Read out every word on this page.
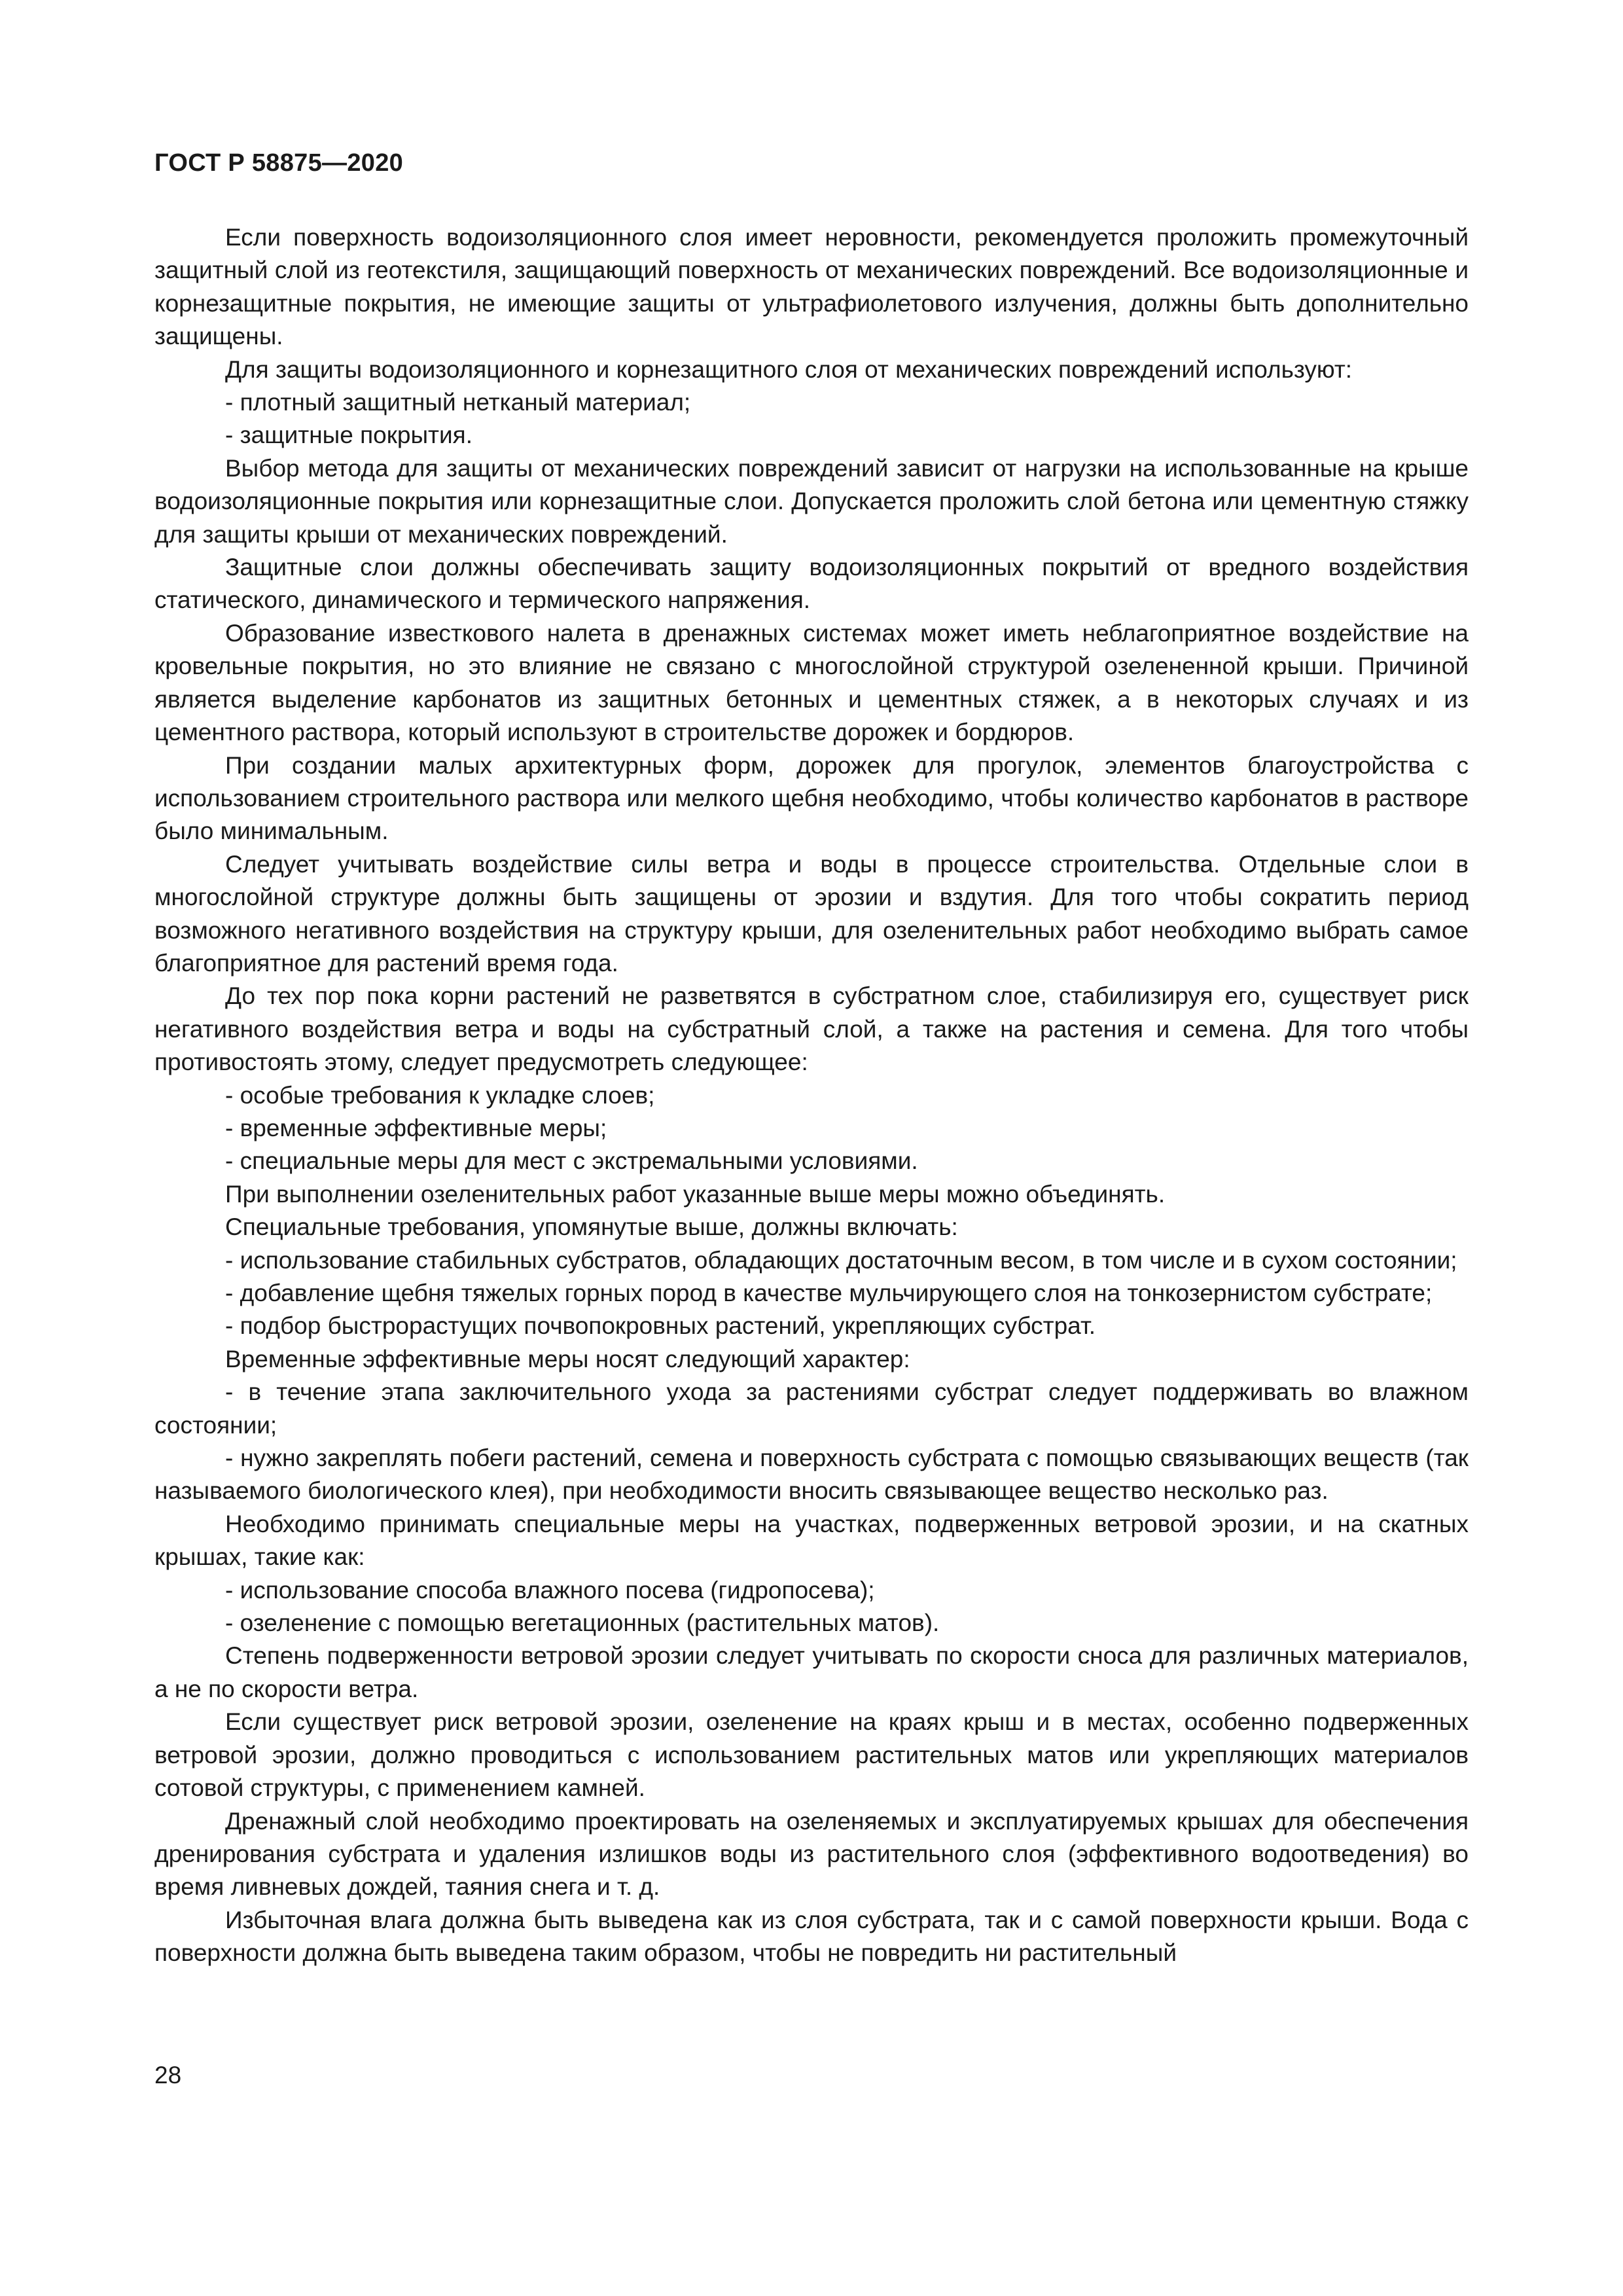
ГОСТ Р 58875—2020

Если поверхность водоизоляционного слоя имеет неровности, рекомендуется проложить промежуточный защитный слой из геотекстиля, защищающий поверхность от механических повреждений. Все водоизоляционные и корнезащитные покрытия, не имеющие защиты от ультрафиолетового излучения, должны быть дополнительно защищены.

Для защиты водоизоляционного и корнезащитного слоя от механических повреждений используют:

- плотный защитный нетканый материал;

- защитные покрытия.

Выбор метода для защиты от механических повреждений зависит от нагрузки на использованные на крыше водоизоляционные покрытия или корнезащитные слои. Допускается проложить слой бетона или цементную стяжку для защиты крыши от механических повреждений.

Защитные слои должны обеспечивать защиту водоизоляционных покрытий от вредного воздействия статического, динамического и термического напряжения.

Образование известкового налета в дренажных системах может иметь неблагоприятное воздействие на кровельные покрытия, но это влияние не связано с многослойной структурой озелененной крыши. Причиной является выделение карбонатов из защитных бетонных и цементных стяжек, а в некоторых случаях и из цементного раствора, который используют в строительстве дорожек и бордюров.

При создании малых архитектурных форм, дорожек для прогулок, элементов благоустройства с использованием строительного раствора или мелкого щебня необходимо, чтобы количество карбонатов в растворе было минимальным.

Следует учитывать воздействие силы ветра и воды в процессе строительства. Отдельные слои в многослойной структуре должны быть защищены от эрозии и вздутия. Для того чтобы сократить период возможного негативного воздействия на структуру крыши, для озеленительных работ необходимо выбрать самое благоприятное для растений время года.

До тех пор пока корни растений не разветвятся в субстратном слое, стабилизируя его, существует риск негативного воздействия ветра и воды на субстратный слой, а также на растения и семена. Для того чтобы противостоять этому, следует предусмотреть следующее:

- особые требования к укладке слоев;

- временные эффективные меры;

- специальные меры для мест с экстремальными условиями.

При выполнении озеленительных работ указанные выше меры можно объединять.

Специальные требования, упомянутые выше, должны включать:

- использование стабильных субстратов, обладающих достаточным весом, в том числе и в сухом состоянии;

- добавление щебня тяжелых горных пород в качестве мульчирующего слоя на тонкозернистом субстрате;

- подбор быстрорастущих почвопокровных растений, укрепляющих субстрат.

Временные эффективные меры носят следующий характер:

- в течение этапа заключительного ухода за растениями субстрат следует поддерживать во влажном состоянии;

- нужно закреплять побеги растений, семена и поверхность субстрата с помощью связывающих веществ (так называемого биологического клея), при необходимости вносить связывающее вещество несколько раз.

Необходимо принимать специальные меры на участках, подверженных ветровой эрозии, и на скатных крышах, такие как:

- использование способа влажного посева (гидропосева);

- озеленение с помощью вегетационных (растительных матов).

Степень подверженности ветровой эрозии следует учитывать по скорости сноса для различных материалов, а не по скорости ветра.

Если существует риск ветровой эрозии, озеленение на краях крыш и в местах, особенно подверженных ветровой эрозии, должно проводиться с использованием растительных матов или укрепляющих материалов сотовой структуры, с применением камней.

Дренажный слой необходимо проектировать на озеленяемых и эксплуатируемых крышах для обеспечения дренирования субстрата и удаления излишков воды из растительного слоя (эффективного водоотведения) во время ливневых дождей, таяния снега и т. д.

Избыточная влага должна быть выведена как из слоя субстрата, так и с самой поверхности крыши. Вода с поверхности должна быть выведена таким образом, чтобы не повредить ни растительный

28
